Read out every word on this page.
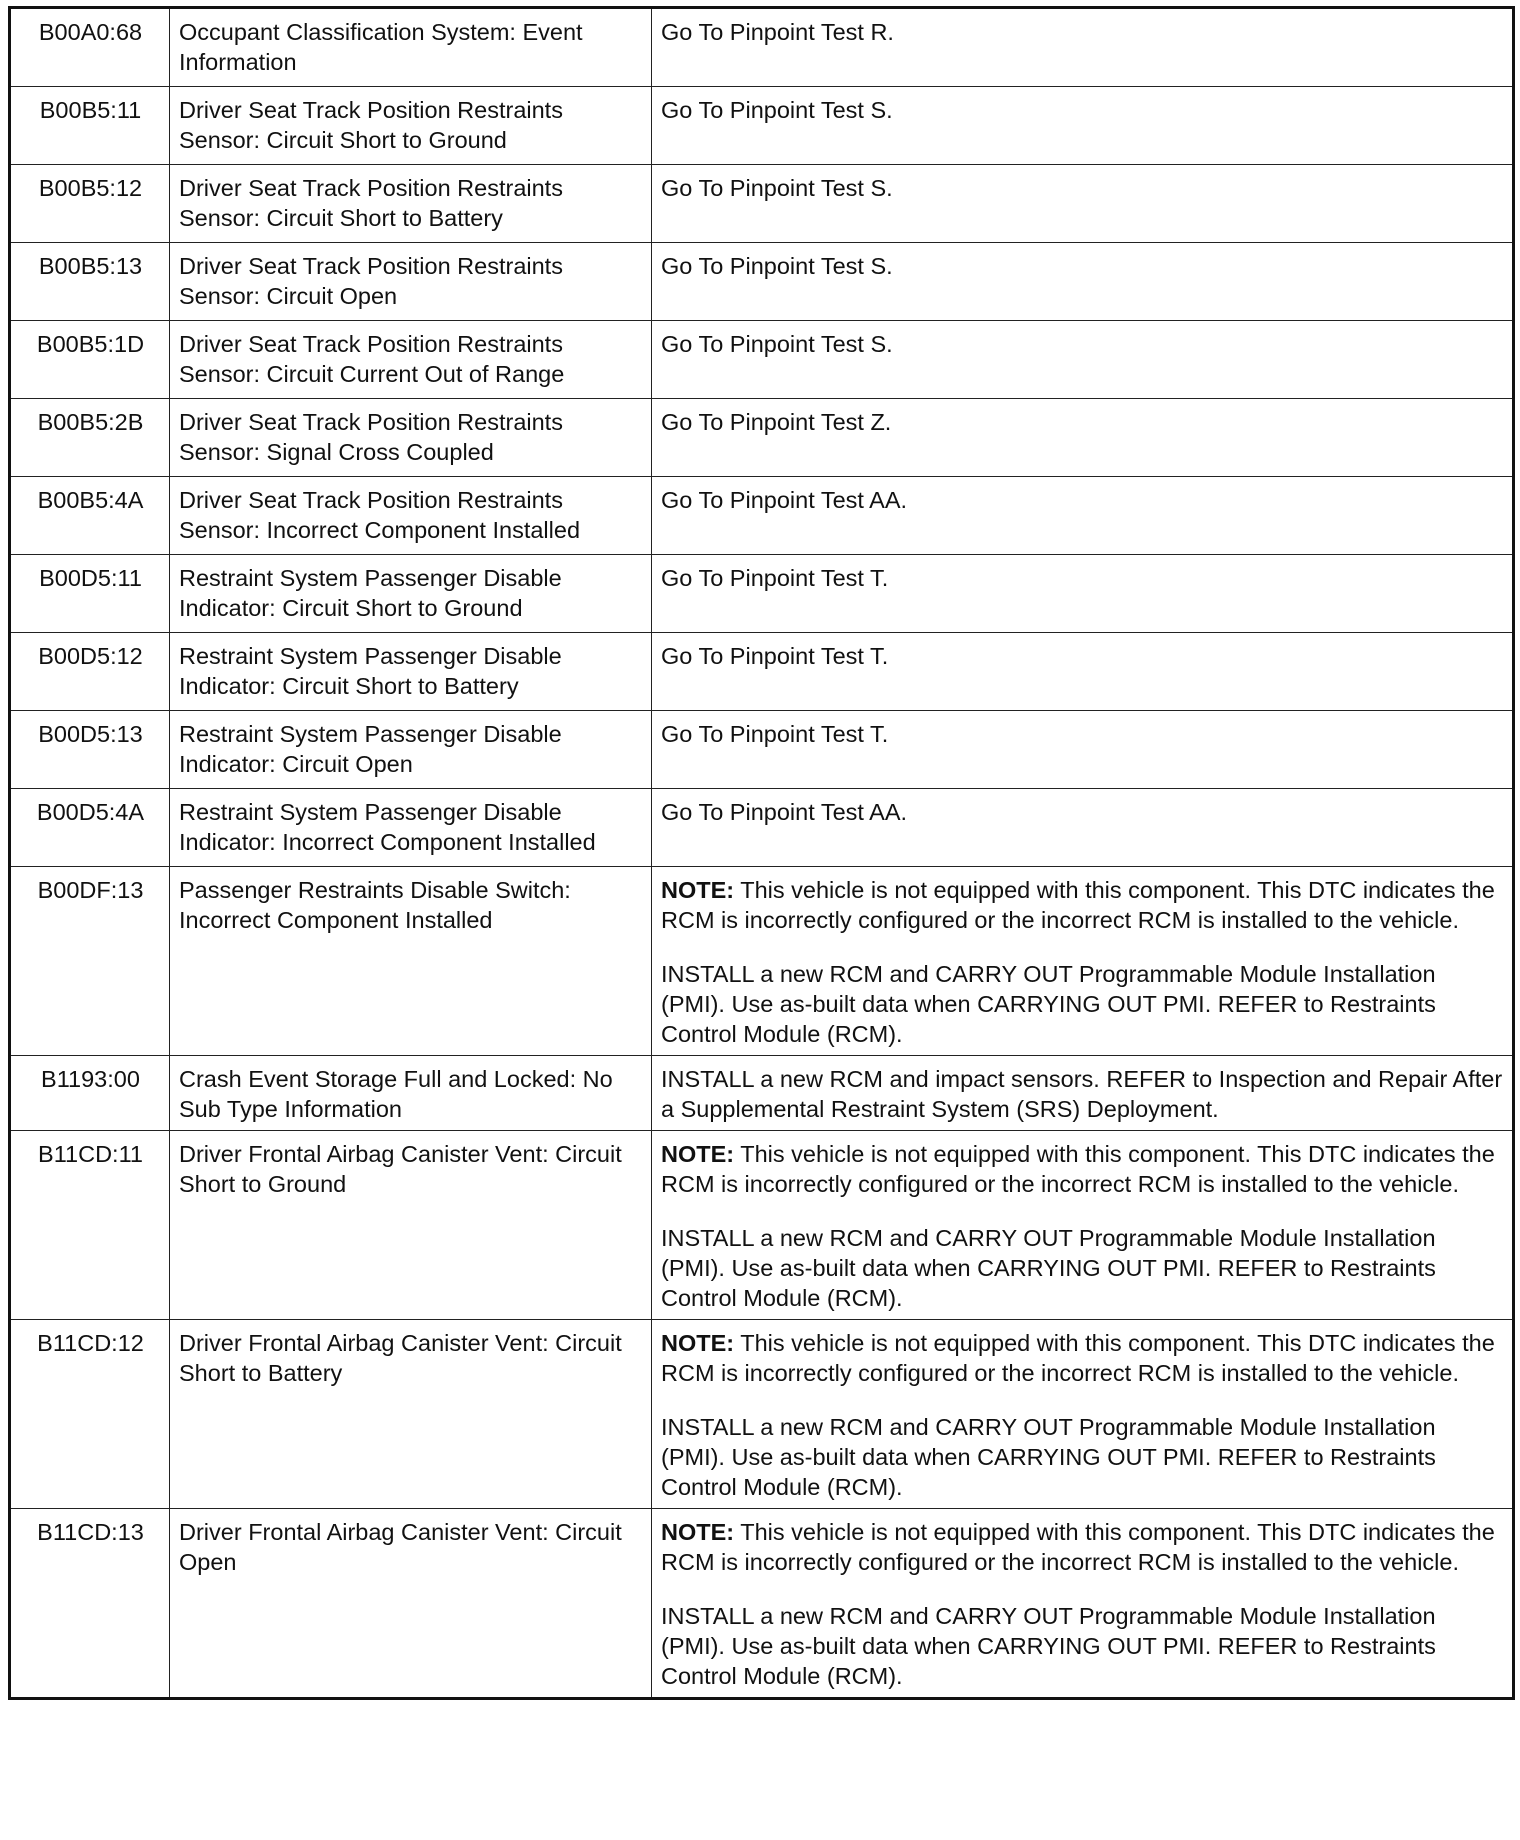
B00A0:68	Occupant Classification System: Event Information	Go To Pinpoint Test R.

B00B5:11	Driver Seat Track Position Restraints Sensor: Circuit Short to Ground	Go To Pinpoint Test S.

B00B5:12	Driver Seat Track Position Restraints Sensor: Circuit Short to Battery	Go To Pinpoint Test S.

B00B5:13	Driver Seat Track Position Restraints Sensor: Circuit Open	Go To Pinpoint Test S.

B00B5:1D	Driver Seat Track Position Restraints Sensor: Circuit Current Out of Range	Go To Pinpoint Test S.

B00B5:2B	Driver Seat Track Position Restraints Sensor: Signal Cross Coupled	Go To Pinpoint Test Z.

B00B5:4A	Driver Seat Track Position Restraints Sensor: Incorrect Component Installed	Go To Pinpoint Test AA.

B00D5:11	Restraint System Passenger Disable Indicator: Circuit Short to Ground	Go To Pinpoint Test T.

B00D5:12	Restraint System Passenger Disable Indicator: Circuit Short to Battery	Go To Pinpoint Test T.

B00D5:13	Restraint System Passenger Disable Indicator: Circuit Open	Go To Pinpoint Test T.

B00D5:4A	Restraint System Passenger Disable Indicator: Incorrect Component Installed	Go To Pinpoint Test AA.

B00DF:13	Passenger Restraints Disable Switch: Incorrect Component Installed	NOTE: This vehicle is not equipped with this component. This DTC indicates the RCM is incorrectly configured or the incorrect RCM is installed to the vehicle.
INSTALL a new RCM and CARRY OUT Programmable Module Installation (PMI). Use as-built data when CARRYING OUT PMI. REFER to Restraints Control Module (RCM).

B1193:00	Crash Event Storage Full and Locked: No Sub Type Information	INSTALL a new RCM and impact sensors. REFER to Inspection and Repair After a Supplemental Restraint System (SRS) Deployment.

B11CD:11	Driver Frontal Airbag Canister Vent: Circuit Short to Ground	NOTE: This vehicle is not equipped with this component. This DTC indicates the RCM is incorrectly configured or the incorrect RCM is installed to the vehicle.
INSTALL a new RCM and CARRY OUT Programmable Module Installation (PMI). Use as-built data when CARRYING OUT PMI. REFER to Restraints Control Module (RCM).

B11CD:12	Driver Frontal Airbag Canister Vent: Circuit Short to Battery	NOTE: This vehicle is not equipped with this component. This DTC indicates the RCM is incorrectly configured or the incorrect RCM is installed to the vehicle.
INSTALL a new RCM and CARRY OUT Programmable Module Installation (PMI). Use as-built data when CARRYING OUT PMI. REFER to Restraints Control Module (RCM).

B11CD:13	Driver Frontal Airbag Canister Vent: Circuit Open	NOTE: This vehicle is not equipped with this component. This DTC indicates the RCM is incorrectly configured or the incorrect RCM is installed to the vehicle.
INSTALL a new RCM and CARRY OUT Programmable Module Installation (PMI). Use as-built data when CARRYING OUT PMI. REFER to Restraints Control Module (RCM).
